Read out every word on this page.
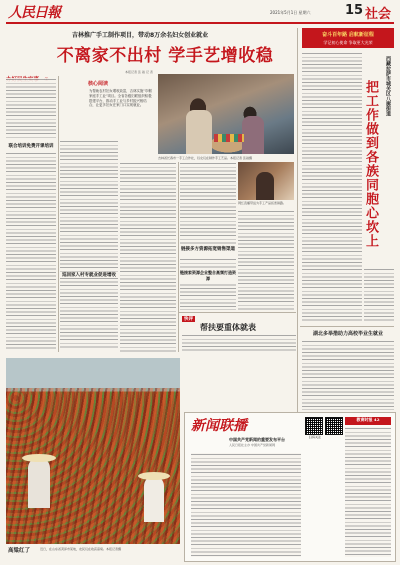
人民日報	2021年5月1日 星期六	15 社会
吉林推广手工制作项目，带动8万余名妇女创业就业
不离家不出村 学手艺增收稳
本报记者 张 淑 记 者
联合培训免费开课培训
巡回家入村专就业促进增收
核心阅读
为帮助农村妇女增收致富，吉林实施"巾帼家庭手工业"项目。全省各级妇联组织积极搭建平台，推动手工业与乡村振兴相结合，让更多妇女在家门口实现就业。
吉林省长春市一手工合作社，妇女们在制作手工艺品。本报记者 张淑摄
链接多方资源拓宽销售渠道
网红直播带货为手工产品拓宽销路。
链接家资源企业整合高频打造资源
快评
帮扶要重体就表
奋斗百年路 启航新征程
学记初心使命 争取更大光荣
把工作做到各族同胞心坎上	西藏拉萨市城关区八廓街道
湖北多举措助力高校毕业生就业
高粱红了	近日，在山东省菏泽市某地，农民们在收获高粱。本报记者摄
新闻联播
中国共产党新闻的重要发布平台
人民日报社主办 中国共产党新闻网
扫码关注
教育时报 42
